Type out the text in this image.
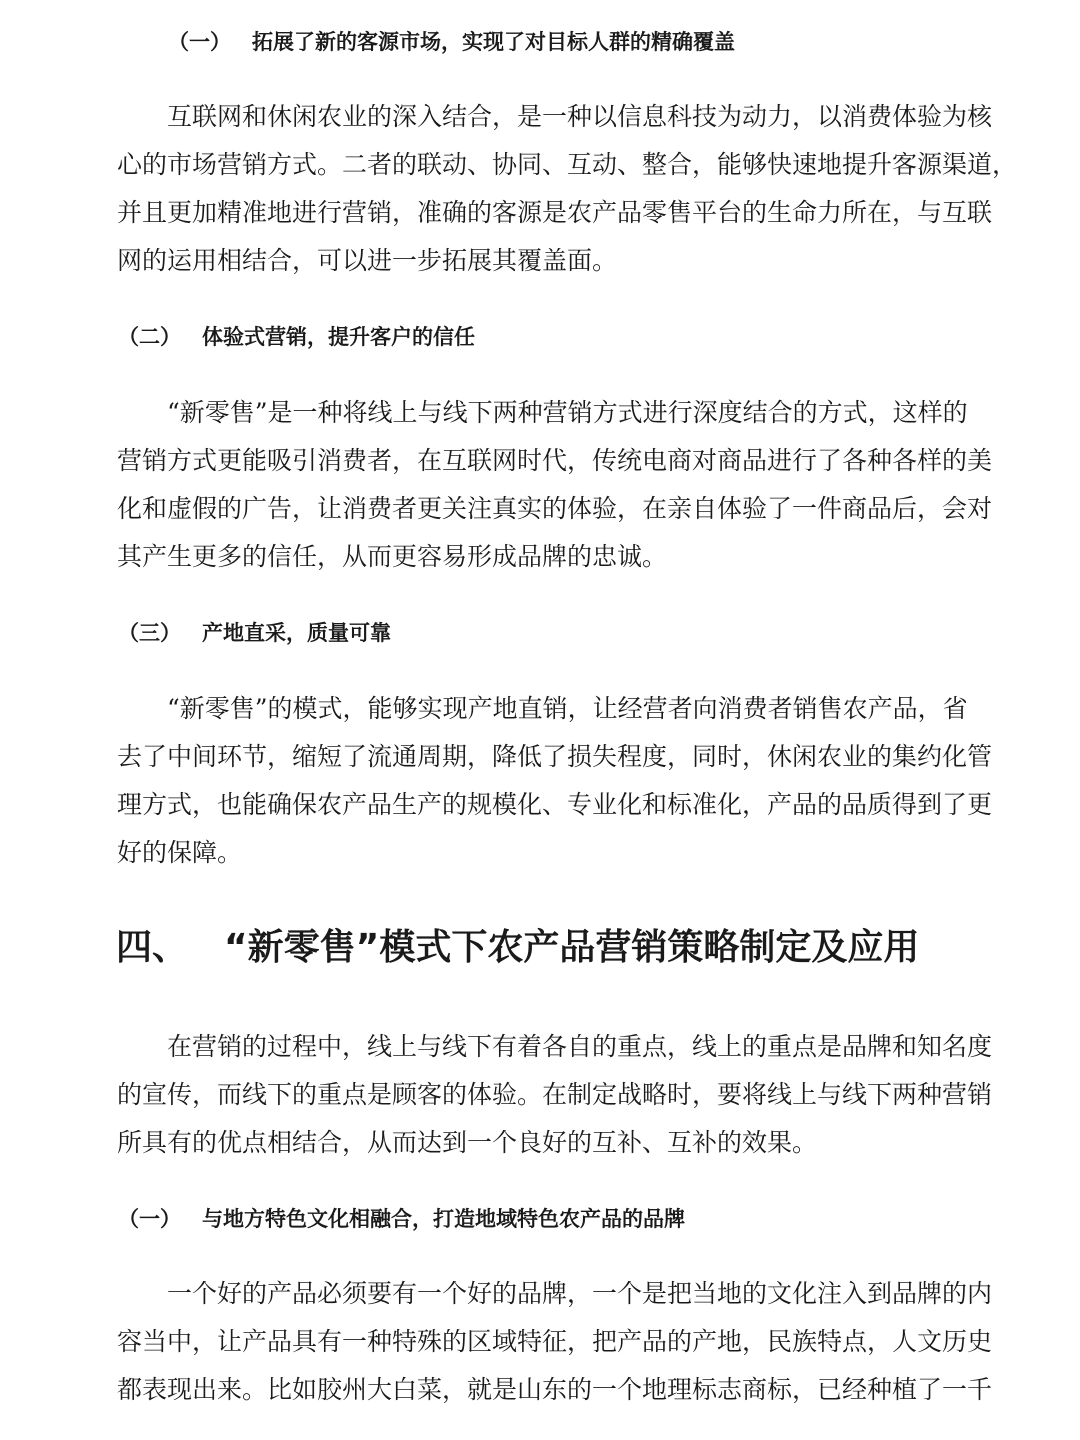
（一） 拓展了新的客源市场，实现了对目标人群的精确覆盖
　　互联网和休闲农业的深入结合，是一种以信息科技为动力，以消费体验为核
心的市场营销方式。二者的联动、协同、互动、整合，能够快速地提升客源渠道，
并且更加精准地进行营销，准确的客源是农产品零售平台的生命力所在，与互联
网的运用相结合，可以进一步拓展其覆盖面。
（二） 体验式营销，提升客户的信任
　　“新零售”是一种将线上与线下两种营销方式进行深度结合的方式，这样的
营销方式更能吸引消费者，在互联网时代，传统电商对商品进行了各种各样的美
化和虚假的广告，让消费者更关注真实的体验，在亲自体验了一件商品后，会对
其产生更多的信任，从而更容易形成品牌的忠诚。
（三） 产地直采，质量可靠
　　“新零售”的模式，能够实现产地直销，让经营者向消费者销售农产品，省
去了中间环节，缩短了流通周期，降低了损失程度，同时，休闲农业的集约化管
理方式，也能确保农产品生产的规模化、专业化和标准化，产品的品质得到了更
好的保障。
四、 “新零售”模式下农产品营销策略制定及应用
　　在营销的过程中，线上与线下有着各自的重点，线上的重点是品牌和知名度
的宣传，而线下的重点是顾客的体验。在制定战略时，要将线上与线下两种营销
所具有的优点相结合，从而达到一个良好的互补、互补的效果。
（一） 与地方特色文化相融合，打造地域特色农产品的品牌
　　一个好的产品必须要有一个好的品牌，一个是把当地的文化注入到品牌的内
容当中，让产品具有一种特殊的区域特征，把产品的产地，民族特点，人文历史
都表现出来。比如胶州大白菜，就是山东的一个地理标志商标，已经种植了一千
